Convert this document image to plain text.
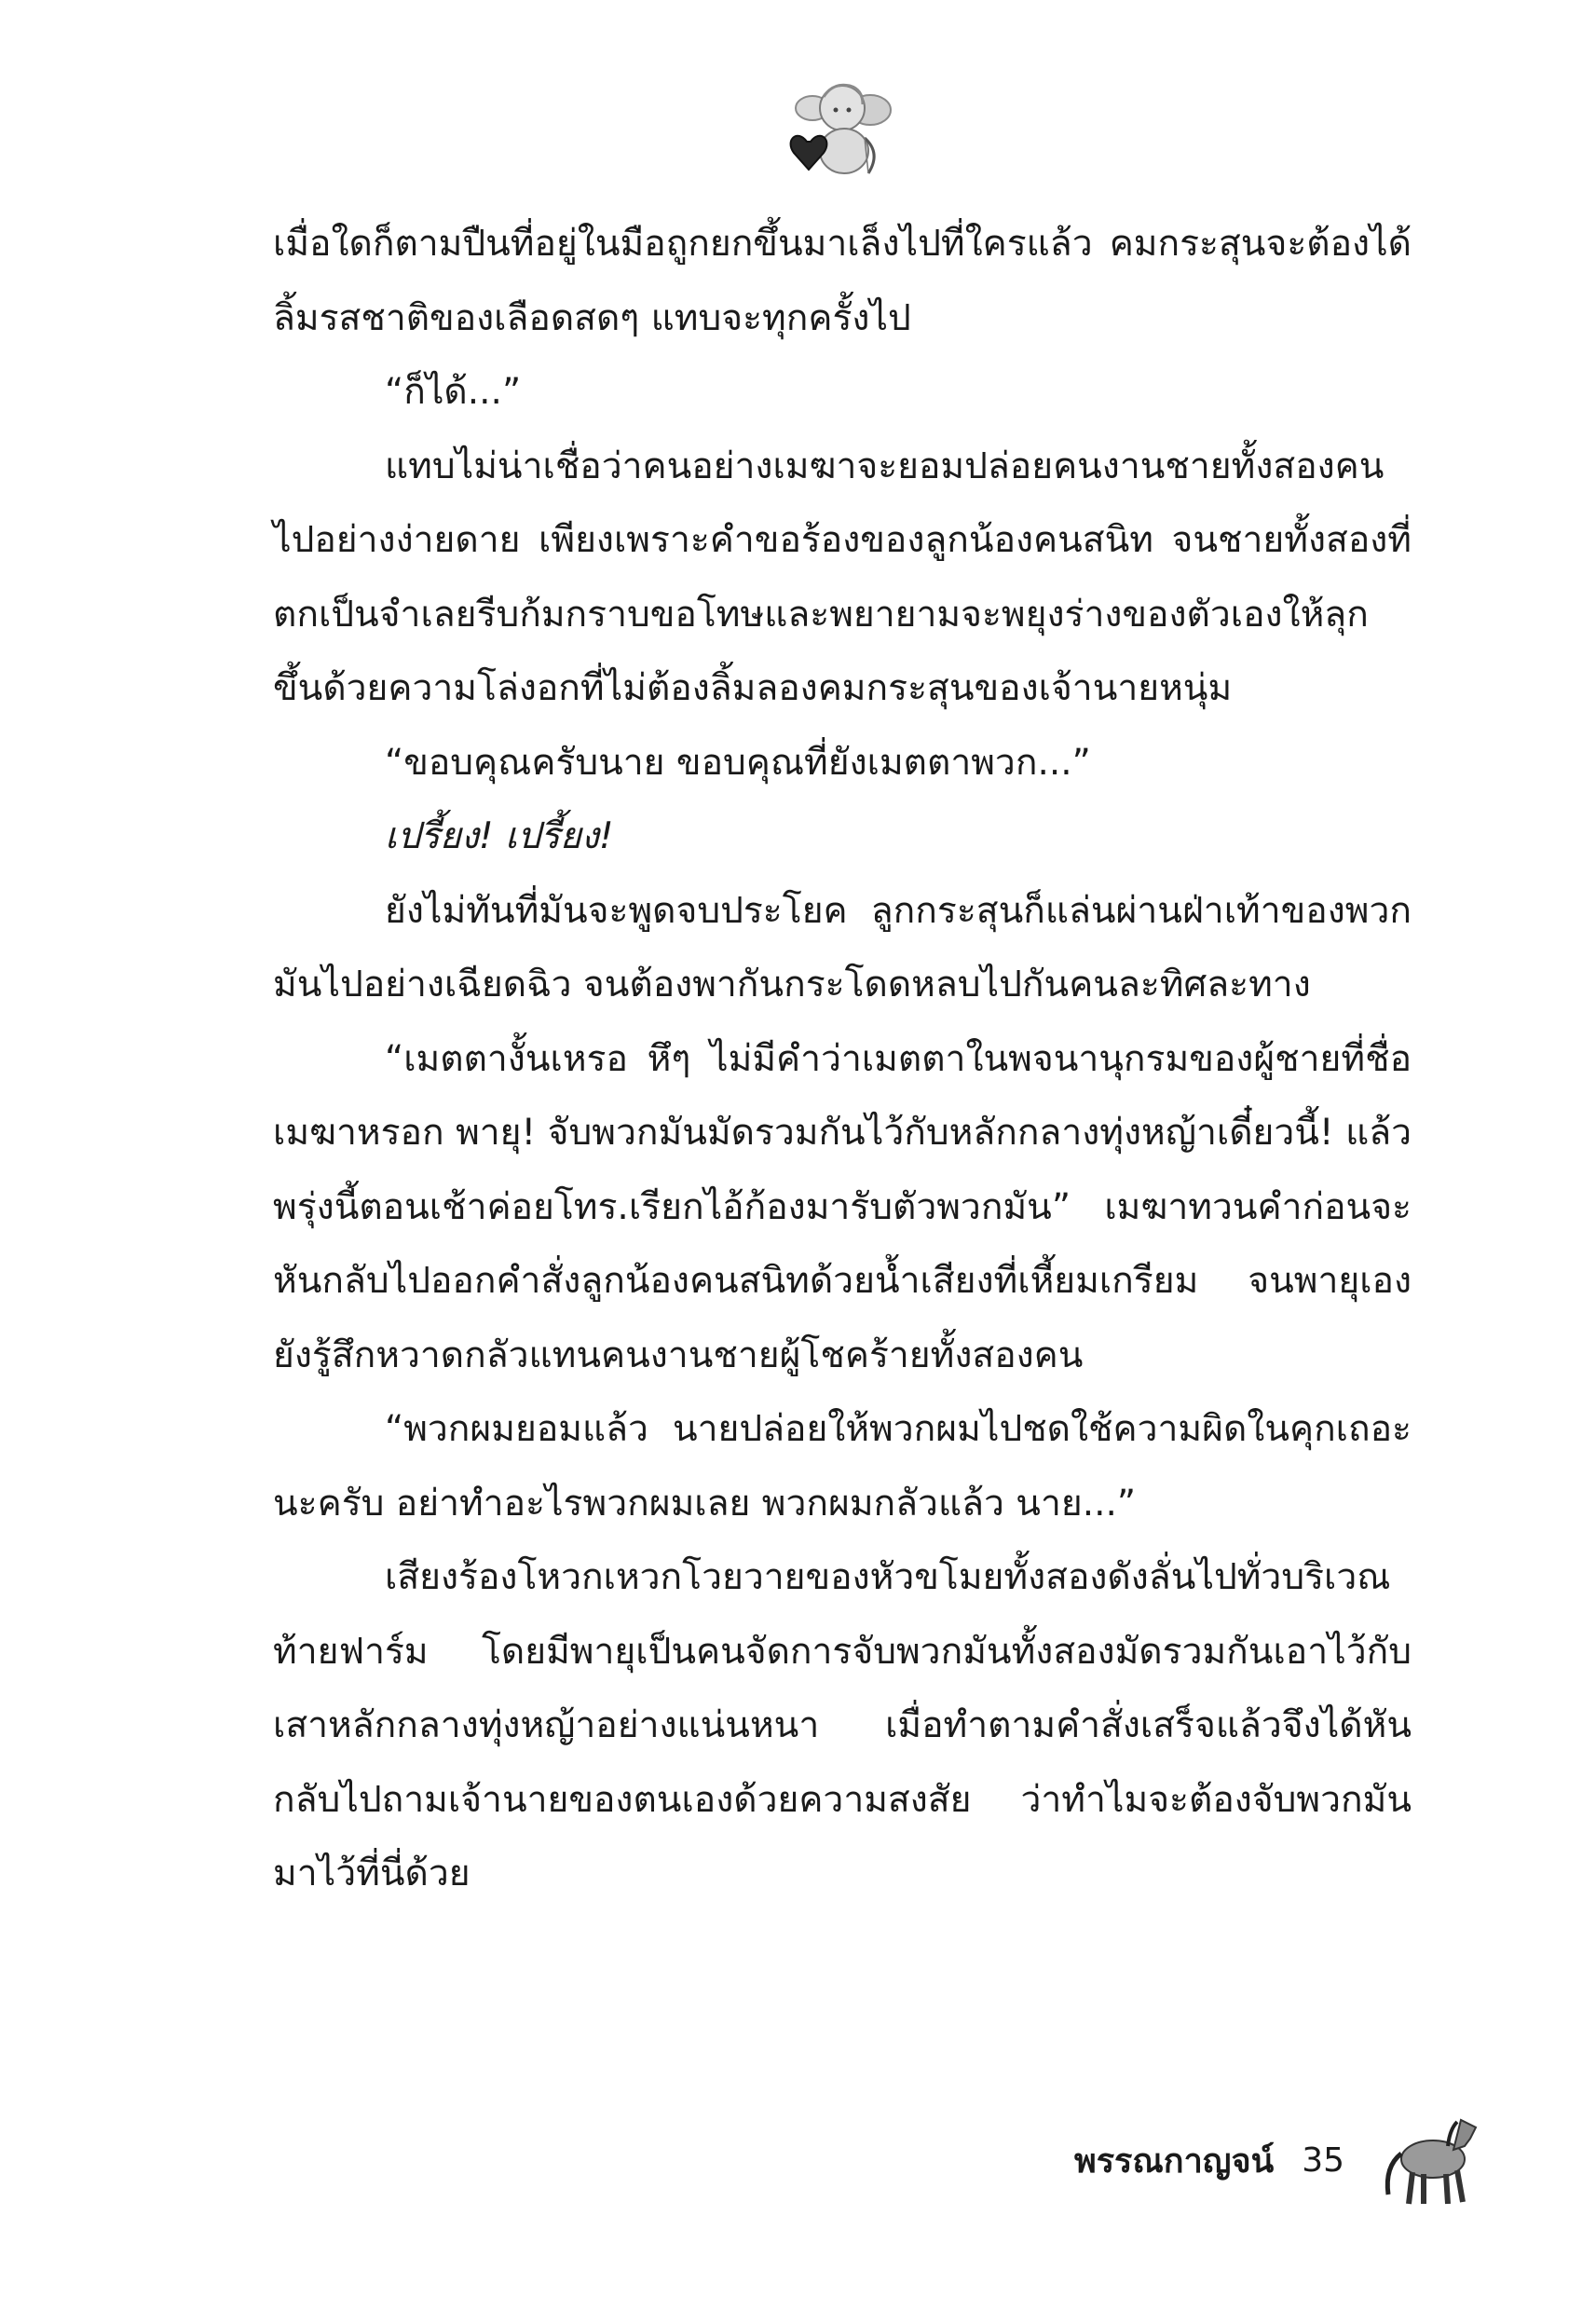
เมื่อใดก็ตามปืนที่อยู่ในมือถูกยกขึ้นมาเล็งไปที่ใครแล้ว คมกระสุนจะต้องได้ลิ้มรสชาติของเลือดสดๆ แทบจะทุกครั้งไป

“ก็ได้...”

แทบไม่น่าเชื่อว่าคนอย่างเมฆาจะยอมปล่อยคนงานชายทั้งสองคนไปอย่างง่ายดาย เพียงเพราะคำขอร้องของลูกน้องคนสนิท จนชายทั้งสองที่ตกเป็นจำเลยรีบก้มกราบขอโทษและพยายามจะพยุงร่างของตัวเองให้ลุกขึ้นด้วยความโล่งอกที่ไม่ต้องลิ้มลองคมกระสุนของเจ้านายหนุ่ม

“ขอบคุณครับนาย ขอบคุณที่ยังเมตตาพวก...”

เปรี้ยง! เปรี้ยง!

ยังไม่ทันที่มันจะพูดจบประโยค ลูกกระสุนก็แล่นผ่านฝ่าเท้าของพวกมันไปอย่างเฉียดฉิว จนต้องพากันกระโดดหลบไปกันคนละทิศละทาง

“เมตตางั้นเหรอ หึๆ ไม่มีคำว่าเมตตาในพจนานุกรมของผู้ชายที่ชื่อเมฆาหรอก พายุ! จับพวกมันมัดรวมกันไว้กับหลักกลางทุ่งหญ้าเดี๋ยวนี้! แล้วพรุ่งนี้ตอนเช้าค่อยโทร.เรียกไอ้ก้องมารับตัวพวกมัน” เมฆาทวนคำก่อนจะหันกลับไปออกคำสั่งลูกน้องคนสนิทด้วยน้ำเสียงที่เหี้ยมเกรียม จนพายุเองยังรู้สึกหวาดกลัวแทนคนงานชายผู้โชคร้ายทั้งสองคน

“พวกผมยอมแล้ว นายปล่อยให้พวกผมไปชดใช้ความผิดในคุกเถอะนะครับ อย่าทำอะไรพวกผมเลย พวกผมกลัวแล้ว นาย...”

เสียงร้องโหวกเหวกโวยวายของหัวขโมยทั้งสองดังลั่นไปทั่วบริเวณท้ายฟาร์ม โดยมีพายุเป็นคนจัดการจับพวกมันทั้งสองมัดรวมกันเอาไว้กับเสาหลักกลางทุ่งหญ้าอย่างแน่นหนา เมื่อทำตามคำสั่งเสร็จแล้วจึงได้หันกลับไปถามเจ้านายของตนเองด้วยความสงสัย ว่าทำไมจะต้องจับพวกมันมาไว้ที่นี่ด้วย

พรรณกาญจน์ 35
